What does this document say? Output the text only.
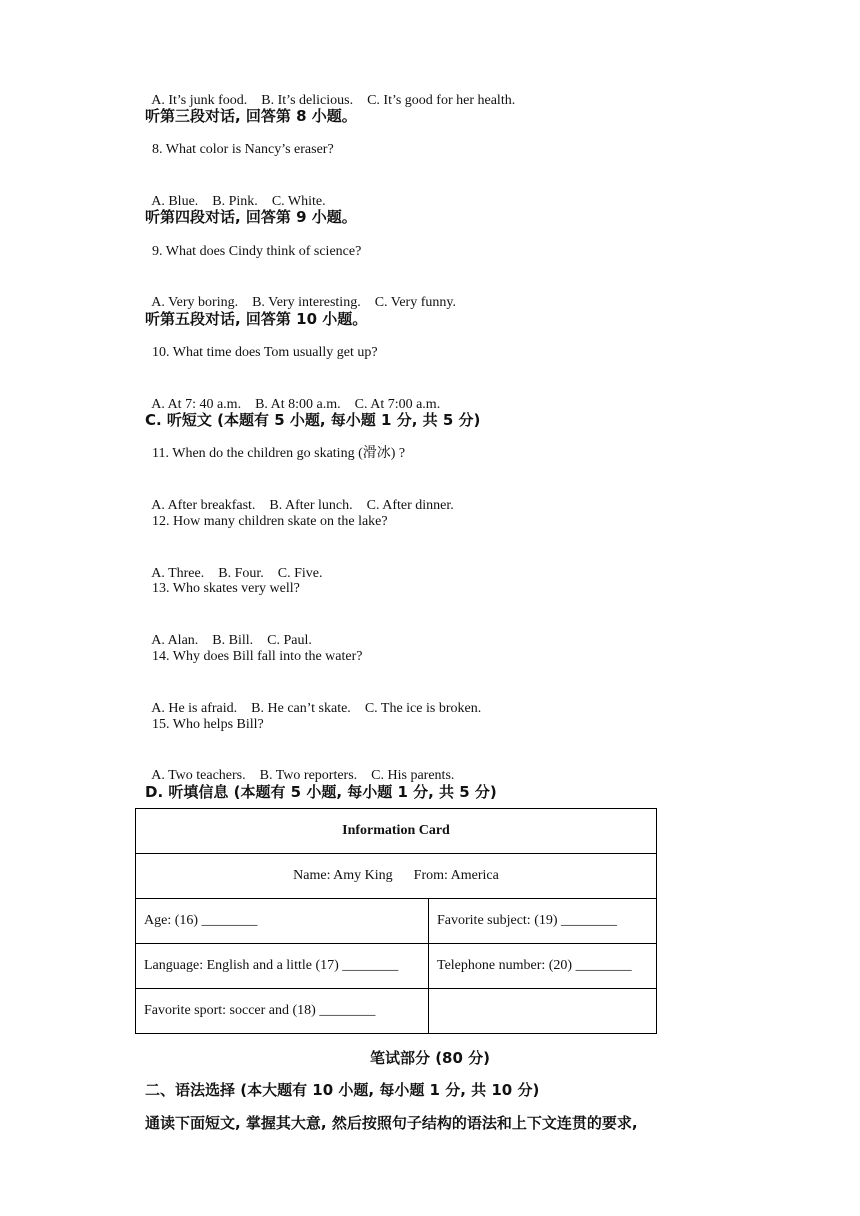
A. It’s junk food. B. It’s delicious. C. It’s good for her health.

听第三段对话, 回答第 8 小题。
8. What color is Nancy’s eraser?

A. Blue. B. Pink. C. White.

听第四段对话, 回答第 9 小题。
9. What does Cindy think of science?

A. Very boring. B. Very interesting. C. Very funny.

听第五段对话, 回答第 10 小题。
10. What time does Tom usually get up?

A. At 7: 40 a.m. B. At 8:00 a.m. C. At 7:00 a.m.

C. 听短文 (本题有 5 小题, 每小题 1 分, 共 5 分)
11. When do the children go skating (滑冰) ?

A. After breakfast. B. After lunch. C. After dinner.

12. How many children skate on the lake?

A. Three. B. Four. C. Five.

13. Who skates very well?

A. Alan. B. Bill. C. Paul.

14. Why does Bill fall into the water?

A. He is afraid. B. He can’t skate. C. The ice is broken.

15. Who helps Bill?

A. Two teachers. B. Two reporters. C. His parents.

D. 听填信息 (本题有 5 小题, 每小题 1 分, 共 5 分)
Information Card	
Name: Amy King      From: America	
Age: (16) ________	Favorite subject: (19) ________
Language: English and a little (17) ________	Telephone number: (20) ________
Favorite sport: soccer and (18) ________	
笔试部分 (80 分)
二、语法选择 (本大题有 10 小题, 每小题 1 分, 共 10 分)
通读下面短文, 掌握其大意, 然后按照句子结构的语法和上下文连贯的要求,
